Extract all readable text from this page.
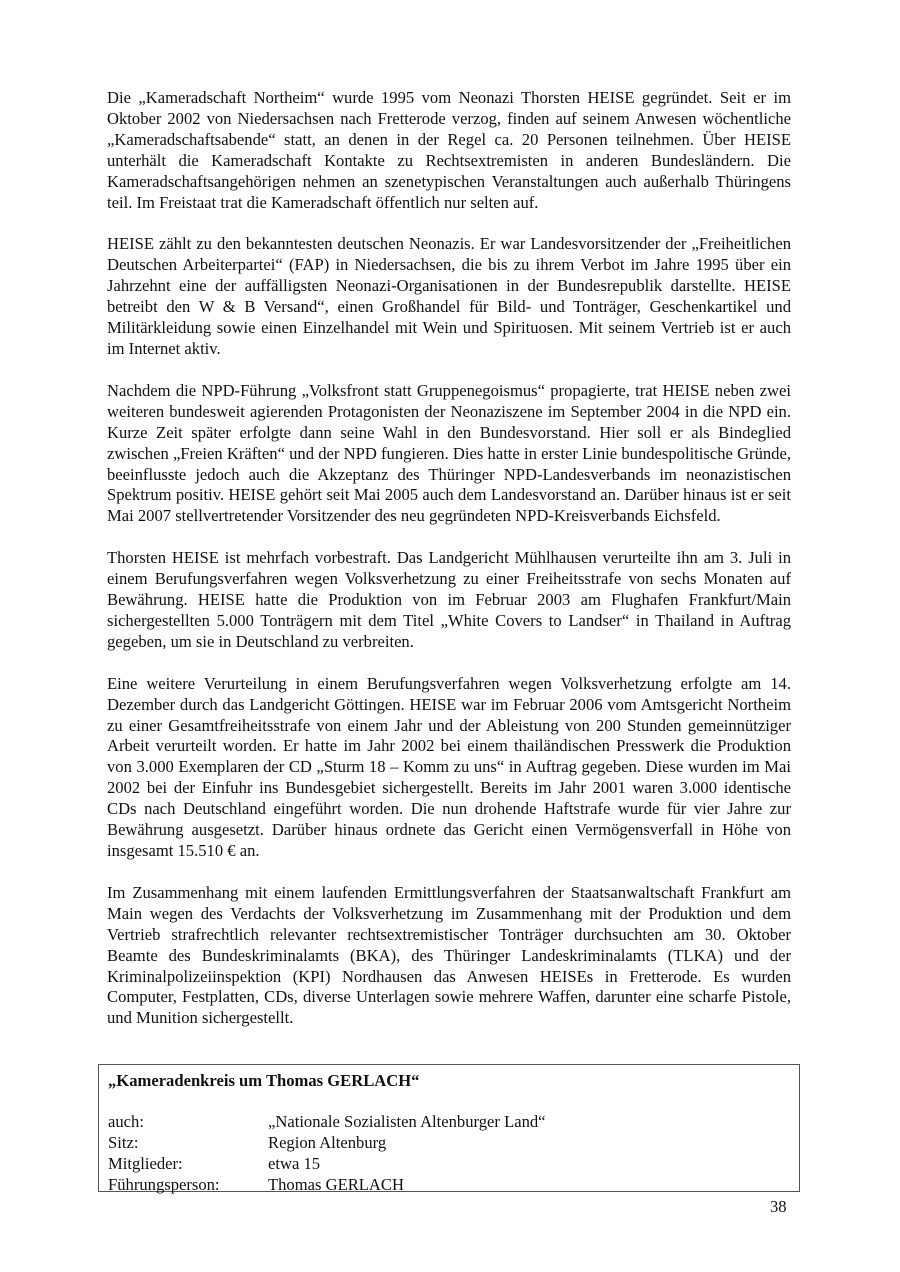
Die „Kameradschaft Northeim“ wurde 1995 vom Neonazi Thorsten HEISE gegründet. Seit er im Oktober 2002 von Niedersachsen nach Fretterode verzog, finden auf seinem Anwesen wöchentliche „Kameradschaftsabende“ statt, an denen in der Regel ca. 20 Personen teilnehmen. Über HEISE unterhält die Kameradschaft Kontakte zu Rechtsextremisten in anderen Bundesländern. Die Kameradschaftsangehörigen nehmen an szenetypischen Veranstaltungen auch außerhalb Thüringens teil. Im Freistaat trat die Kameradschaft öffentlich nur selten auf.

HEISE zählt zu den bekanntesten deutschen Neonazis. Er war Landesvorsitzender der „Freiheitlichen Deutschen Arbeiterpartei“ (FAP) in Niedersachsen, die bis zu ihrem Verbot im Jahre 1995 über ein Jahrzehnt eine der auffälligsten Neonazi-Organisationen in der Bundesrepublik darstellte. HEISE betreibt den W & B Versand“, einen Großhandel für Bild- und Tonträger, Geschenkartikel und Militärkleidung sowie einen Einzelhandel mit Wein und Spirituosen. Mit seinem Vertrieb ist er auch im Internet aktiv.

Nachdem die NPD-Führung „Volksfront statt Gruppenegoismus“ propagierte, trat HEISE neben zwei weiteren bundesweit agierenden Protagonisten der Neonaziszene im September 2004 in die NPD ein. Kurze Zeit später erfolgte dann seine Wahl in den Bundesvorstand. Hier soll er als Bindeglied zwischen „Freien Kräften“ und der NPD fungieren. Dies hatte in erster Linie bundespolitische Gründe, beeinflusste jedoch auch die Akzeptanz des Thüringer NPD-Landesverbands im neonazistischen Spektrum positiv. HEISE gehört seit Mai 2005 auch dem Landesvorstand an. Darüber hinaus ist er seit Mai 2007 stellvertretender Vorsitzender des neu gegründeten NPD-Kreisverbands Eichsfeld.

Thorsten HEISE ist mehrfach vorbestraft. Das Landgericht Mühlhausen verurteilte ihn am 3. Juli in einem Berufungsverfahren wegen Volksverhetzung zu einer Freiheitsstrafe von sechs Monaten auf Bewährung. HEISE hatte die Produktion von im Februar 2003 am Flughafen Frankfurt/Main sichergestellten 5.000 Tonträgern mit dem Titel „White Covers to Landser“ in Thailand in Auftrag gegeben, um sie in Deutschland zu verbreiten.

Eine weitere Verurteilung in einem Berufungsverfahren wegen Volksverhetzung erfolgte am 14. Dezember durch das Landgericht Göttingen. HEISE war im Februar 2006 vom Amtsgericht Northeim zu einer Gesamtfreiheitsstrafe von einem Jahr und der Ableistung von 200 Stunden gemeinnütziger Arbeit verurteilt worden. Er hatte im Jahr 2002 bei einem thailändischen Presswerk die Produktion von 3.000 Exemplaren der CD „Sturm 18 – Komm zu uns“ in Auftrag gegeben. Diese wurden im Mai 2002 bei der Einfuhr ins Bundesgebiet sichergestellt. Bereits im Jahr 2001 waren 3.000 identische CDs nach Deutschland eingeführt worden. Die nun drohende Haftstrafe wurde für vier Jahre zur Bewährung ausgesetzt. Darüber hinaus ordnete das Gericht einen Vermögensverfall in Höhe von insgesamt 15.510 € an.

Im Zusammenhang mit einem laufenden Ermittlungsverfahren der Staatsanwaltschaft Frankfurt am Main wegen des Verdachts der Volksverhetzung im Zusammenhang mit der Produktion und dem Vertrieb strafrechtlich relevanter rechtsextremistischer Tonträger durchsuchten am 30. Oktober Beamte des Bundeskriminalamts (BKA), des Thüringer Landeskriminalamts (TLKA) und der Kriminalpolizeiinspektion (KPI) Nordhausen das Anwesen HEISEs in Fretterode. Es wurden Computer, Festplatten, CDs, diverse Unterlagen sowie mehrere Waffen, darunter eine scharfe Pistole, und Munition sichergestellt.

„Kameradenkreis um Thomas GERLACH“
auch:	„Nationale Sozialisten Altenburger Land“
Sitz:	Region Altenburg
Mitglieder:	etwa 15
Führungsperson:	Thomas GERLACH
38
